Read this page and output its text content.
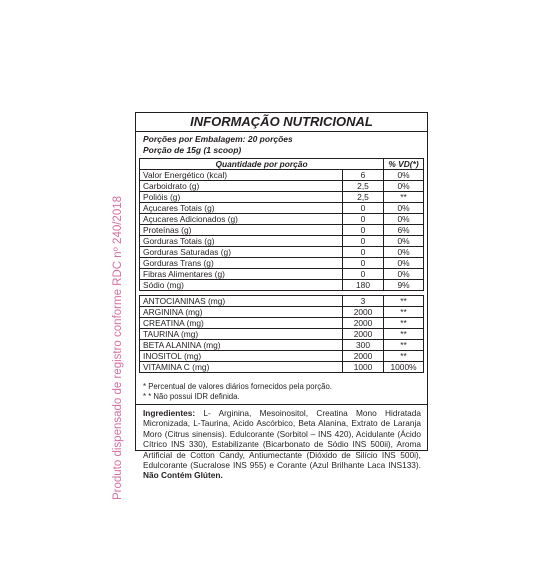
Produto dispensado de registro conforme RDC nº 240/2018
INFORMAÇÃO NUTRICIONAL
Porções por Embalagem: 20 porções
Porção de 15g (1 scoop)
Quantidade por porção		% VD(*)
Valor Energético (kcal)	6	0%
Carboidrato (g)	2,5	0%
Polióis (g)	2,5	**
Açucares Totais (g)	0	0%
Açucares Adicionados (g)	0	0%
Proteínas (g)	0	6%
Gorduras Totais (g)	0	0%
Gorduras Saturadas (g)	0	0%
Gorduras Trans (g)	0	0%
Fibras Alimentares (g)	0	0%
Sódio (mg)	180	9%

ANTOCIANINAS (mg)	3	**
ARGININA (mg)	2000	**
CREATINA (mg)	2000	**
TAURINA (mg)	2000	**
BETA ALANINA (mg)	300	**
INOSITOL (mg)	2000	**
VITAMINA C (mg)	1000	1000%
* Percentual de valores diários fornecidos pela porção.
* * Não possui IDR definida.
Ingredientes: L- Arginina, Mesoinositol, Creatina Mono Hidratada Micronizada, L-Taurina, Acido Ascórbico, Beta Alanina, Extrato de Laranja Moro (Citrus sinensis). Edulcorante (Sorbitol – INS 420), Acidulante (Ácido Cítrico INS 330), Estabilizante (Bicarbonato de Sódio INS 500ii), Aroma Artificial de Cotton Candy, Antiumectante (Dióxido de Silício INS 500i), Edulcorante (Sucralose INS 955) e Corante (Azul Brilhante Laca INS133). Não Contém Glúten.
